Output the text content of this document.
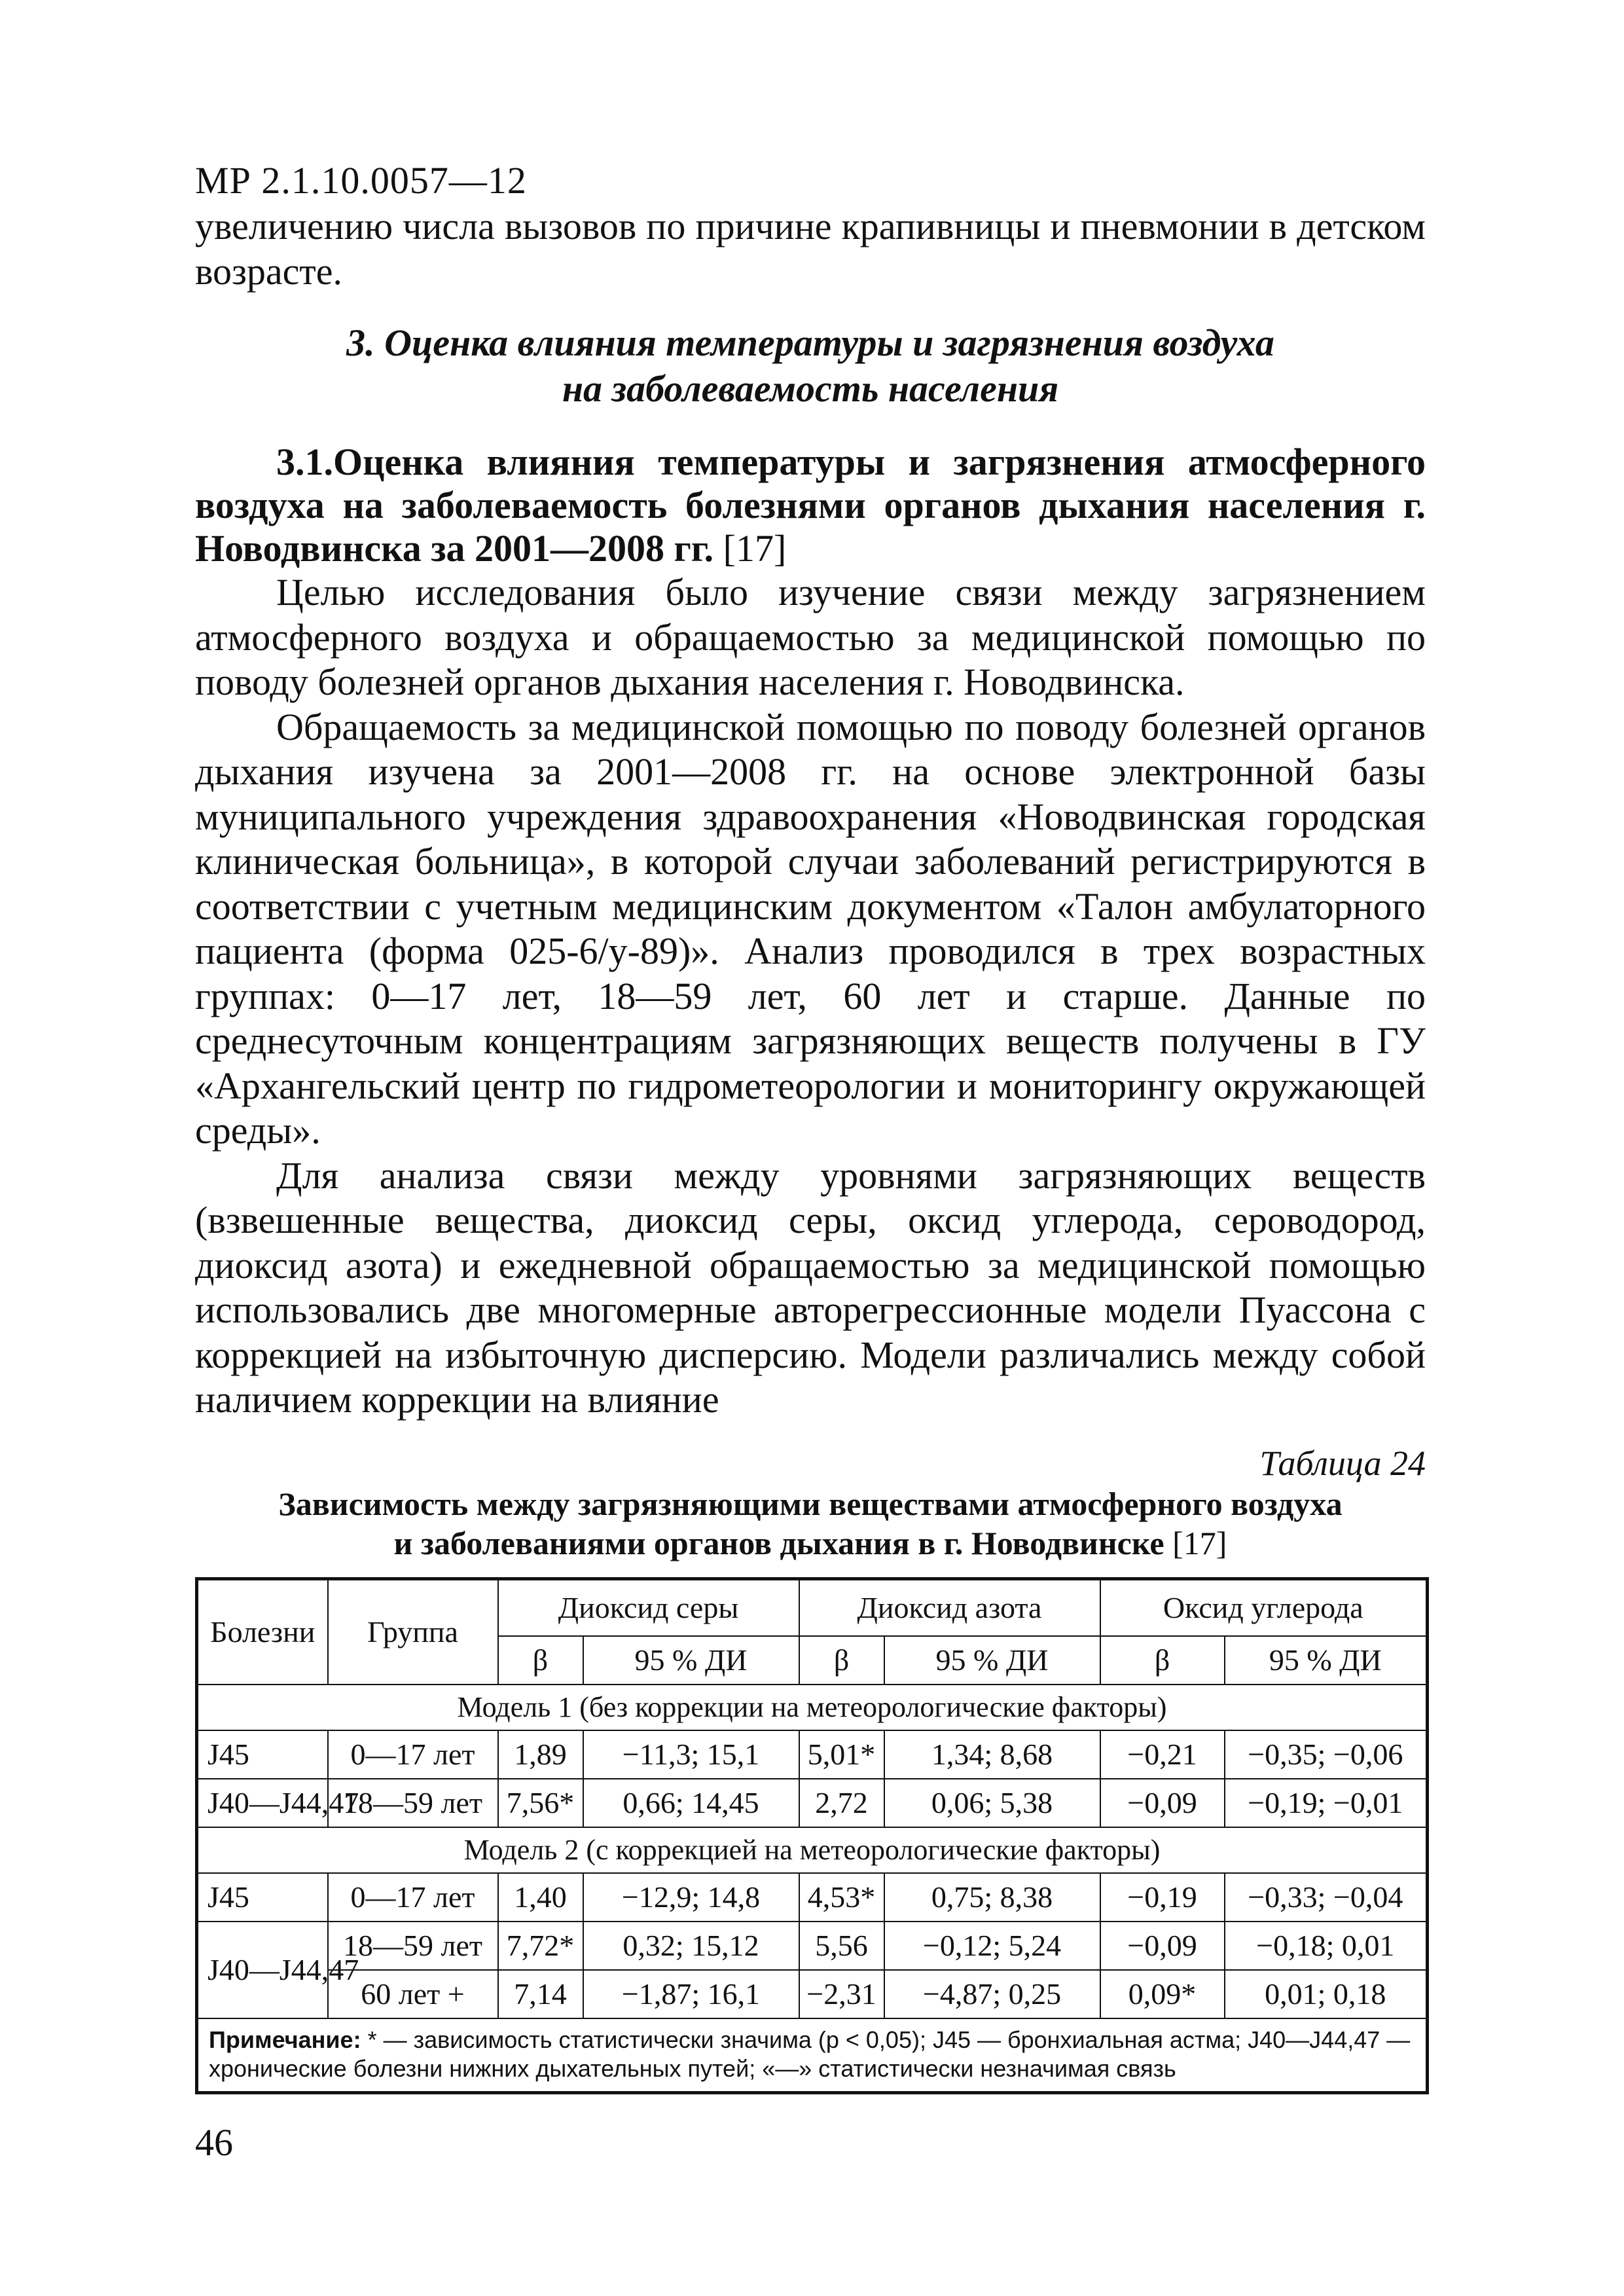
МР 2.1.10.0057—12

увеличению числа вызовов по причине крапивницы и пневмонии в детском возрасте.

3. Оценка влияния температуры и загрязнения воздуха
на заболеваемость населения

3.1.Оценка влияния температуры и загрязнения атмосферного воздуха на заболеваемость болезнями органов дыхания населения г. Новодвинска за 2001—2008 гг. [17]

Целью исследования было изучение связи между загрязнением атмосферного воздуха и обращаемостью за медицинской помощью по поводу болезней органов дыхания населения г. Новодвинска.

Обращаемость за медицинской помощью по поводу болезней органов дыхания изучена за 2001—2008 гг. на основе электронной базы муниципального учреждения здравоохранения «Новодвинская городская клиническая больница», в которой случаи заболеваний регистрируются в соответствии с учетным медицинским документом «Талон амбулаторного пациента (форма 025-6/у-89)». Анализ проводился в трех возрастных группах: 0—17 лет, 18—59 лет, 60 лет и старше. Данные по среднесуточным концентрациям загрязняющих веществ получены в ГУ «Архангельский центр по гидрометеорологии и мониторингу окружающей среды».

Для анализа связи между уровнями загрязняющих веществ (взвешенные вещества, диоксид серы, оксид углерода, сероводород, диоксид азота) и ежедневной обращаемостью за медицинской помощью использовались две многомерные авторегрессионные модели Пуассона с коррекцией на избыточную дисперсию. Модели различались между собой наличием коррекции на влияние

Таблица 24
Зависимость между загрязняющими веществами атмосферного воздуха
и заболеваниями органов дыхания в г. Новодвинске [17]
Болезни	Группа	Диоксид серы		Диоксид азота		Оксид углерода	
		β	95 % ДИ	β	95 % ДИ	β	95 % ДИ
Модель 1 (без коррекции на метеорологические факторы)							
J45	0—17 лет	1,89	−11,3; 15,1	5,01*	1,34; 8,68	−0,21	−0,35; −0,06
J40—J44,47	18—59 лет	7,56*	0,66; 14,45	2,72	0,06; 5,38	−0,09	−0,19; −0,01
Модель 2 (с коррекцией на метеорологические факторы)							
J45	0—17 лет	1,40	−12,9; 14,8	4,53*	0,75; 8,38	−0,19	−0,33; −0,04
J40—J44,47	18—59 лет	7,72*	0,32; 15,12	5,56	−0,12; 5,24	−0,09	−0,18; 0,01
	60 лет +	7,14	−1,87; 16,1	−2,31	−4,87; 0,25	0,09*	0,01; 0,18
Примечание: * — зависимость статистически значима (р < 0,05); J45 — бронхиальная астма; J40—J44,47 — хронические болезни нижних дыхательных путей; «—» статистически незначимая связь							
46
